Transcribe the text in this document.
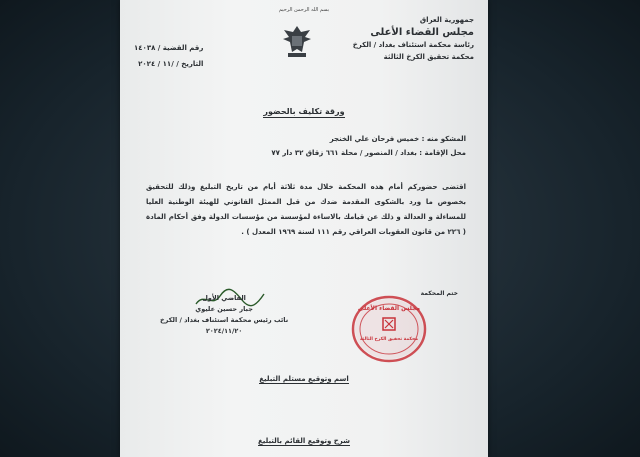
بسم الله الرحمن الرحيم
جمهورية العراق
مجلس القضاء الأعلى
رئاسة محكمة استئناف بغداد / الكرخ
محكمة تحقيق الكرخ الثالثة
رقم القضية / ١٤٠٣٨
التاريخ / /١١ / ٢٠٢٤
ورقة تكليف بالحضور
المشكو منه : خميس فرحان علي الخنجر
محل الإقامة : بغداد / المنصور / محلة ٦٦١ زقاق ٣٢ دار ٧٧
اقتضى حضوركم أمام هذه المحكمة خلال مدة ثلاثة أيام من تاريخ التبليغ وذلك للتحقيق بخصوص ما ورد بالشكوى المقدمة ضدك من قبل الممثل القانوني للهيئة الوطنية العليا للمساءلة و العدالة و ذلك عن قيامك بالاساءة لمؤسسة من مؤسسات الدولة وفق أحكام المادة ( ٢٢٦ من قانون العقوبات العراقي رقم ١١١ لسنة ١٩٦٩ المعدل ) .
ختم المحكمة
مجلس القضاء الأعلى
محكمة تحقيق الكرخ الثالثة
القاضي الأول
جبار حسين عليوي
نائب رئيس محكمة استئناف بغداد / الكرخ
٢٠٢٤/١١/٢٠
اسم وتوقيع مستلم التبليغ
شرح وتوقيع القائم بالتبليغ
